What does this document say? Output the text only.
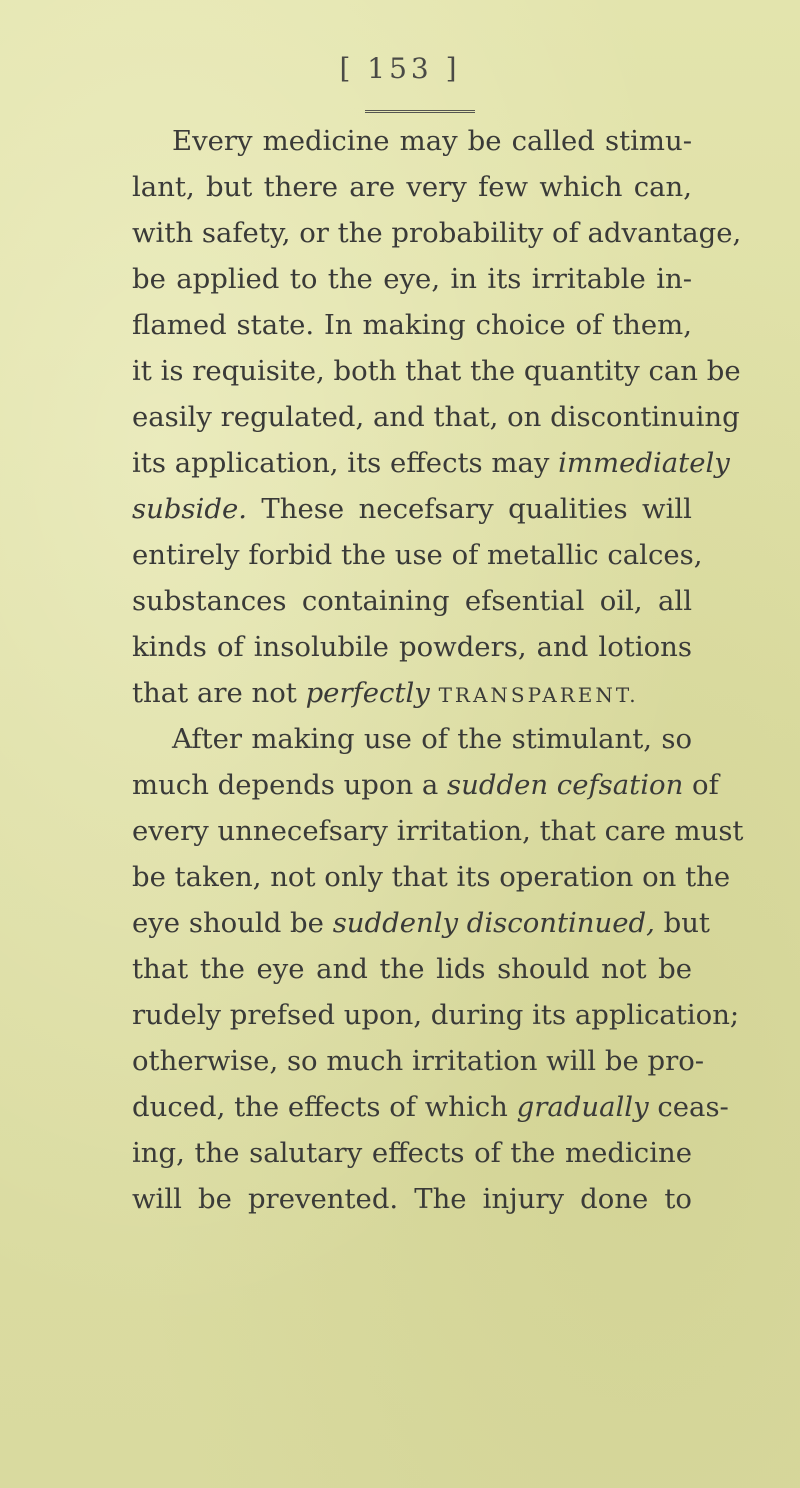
[ 153 ]
Every medicine may be called stimu-
lant, but there are very few which can,
with safety, or the probability of advantage,
be applied to the eye, in its irritable in-
flamed state. In making choice of them,
it is requisite, both that the quantity can be
easily regulated, and that, on discontinuing
its application, its effects may immediately
subside. These necefsary qualities will
entirely forbid the use of metallic calces,
substances containing efsential oil, all
kinds of insolubile powders, and lotions
that are not perfectly TRANSPARENT.
After making use of the stimulant, so
much depends upon a sudden cefsation of
every unnecefsary irritation, that care must
be taken, not only that its operation on the
eye should be suddenly discontinued, but
that the eye and the lids should not be
rudely prefsed upon, during its application;
otherwise, so much irritation will be pro-
duced, the effects of which gradually ceas-
ing, the salutary effects of the medicine
will be prevented. The injury done to
